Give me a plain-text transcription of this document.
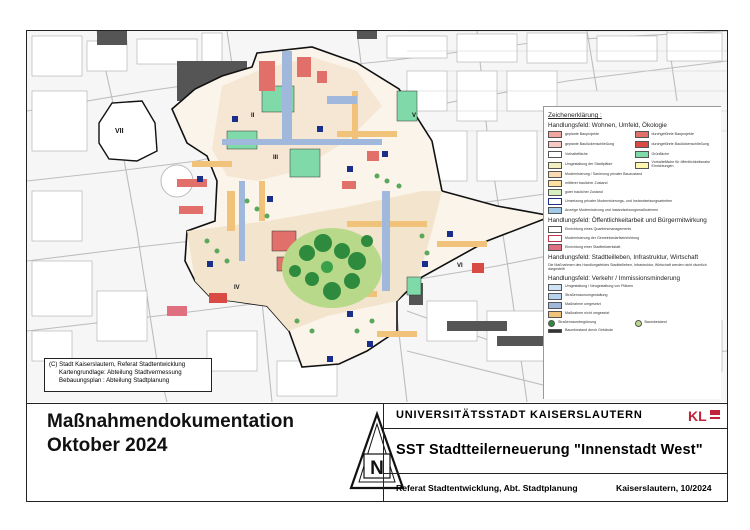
VII
II
III
IV
V
VI
Zeichenerklärung :
Handlungsfeld: Wohnen, Umfeld, Ökologie
geplante Bauprojekte	durchgeführte Bauprojekte
geplante Baulückenschließung	durchgeführte Baulückenschließung
Vorhaltefläche	Grünfläche
Umgestaltung der Stadtplätze	Vorhaltefläche für öffentlichkeitsnahe Einrichtungen
Modernisierung / Sanierung privater Bauzustand
mittlerer baulicher Zustand
guter baulicher Zustand
Umsetzung privater Modernisierungs- und Instandsetzungsarbeiten
Anzeige Modernisierung und Instandsetzungsmaßnahmen
Handlungsfeld: Öffentlichkeitarbeit und Bürgermitwirkung
Einrichtung eines Quartiersmanagements
Modernisierung der Gemeinbedarfseinrichtung
Einrichtung einer Stadtteilwerkstatt
Handlungsfeld: Stadtteilleben, Infrastruktur, Wirtschaft
Die Maßnahmen des Handlungsfeldes Stadtteilleben, Infrastruktur, Wirtschaft werden nicht räumlich dargestellt
Handlungsfeld: Verkehr / Immissionsminderung
Umgestaltung / Neugestaltung von Plätzen
Straßenraumumgestaltung
Maßnahme umgesetzt
Maßnahme nicht umgesetzt
Straßenraumbegrünung	Baumbestand
Baumbestand durch Gebäude
(C) Stadt Kaiserslautern, Referat Stadtentwicklung
Kartengrundlage: Abteilung Stadtvermessung
Bebauungsplan : Abteilung Stadtplanung
Maßnahmendokumentation
Oktober 2024
N
UNIVERSITÄTSSTADT KAISERSLAUTERN	KL
SST Stadtteilerneuerung "Innenstadt West"
Referat Stadtentwicklung, Abt. Stadtplanung	Kaiserslautern, 10/2024
